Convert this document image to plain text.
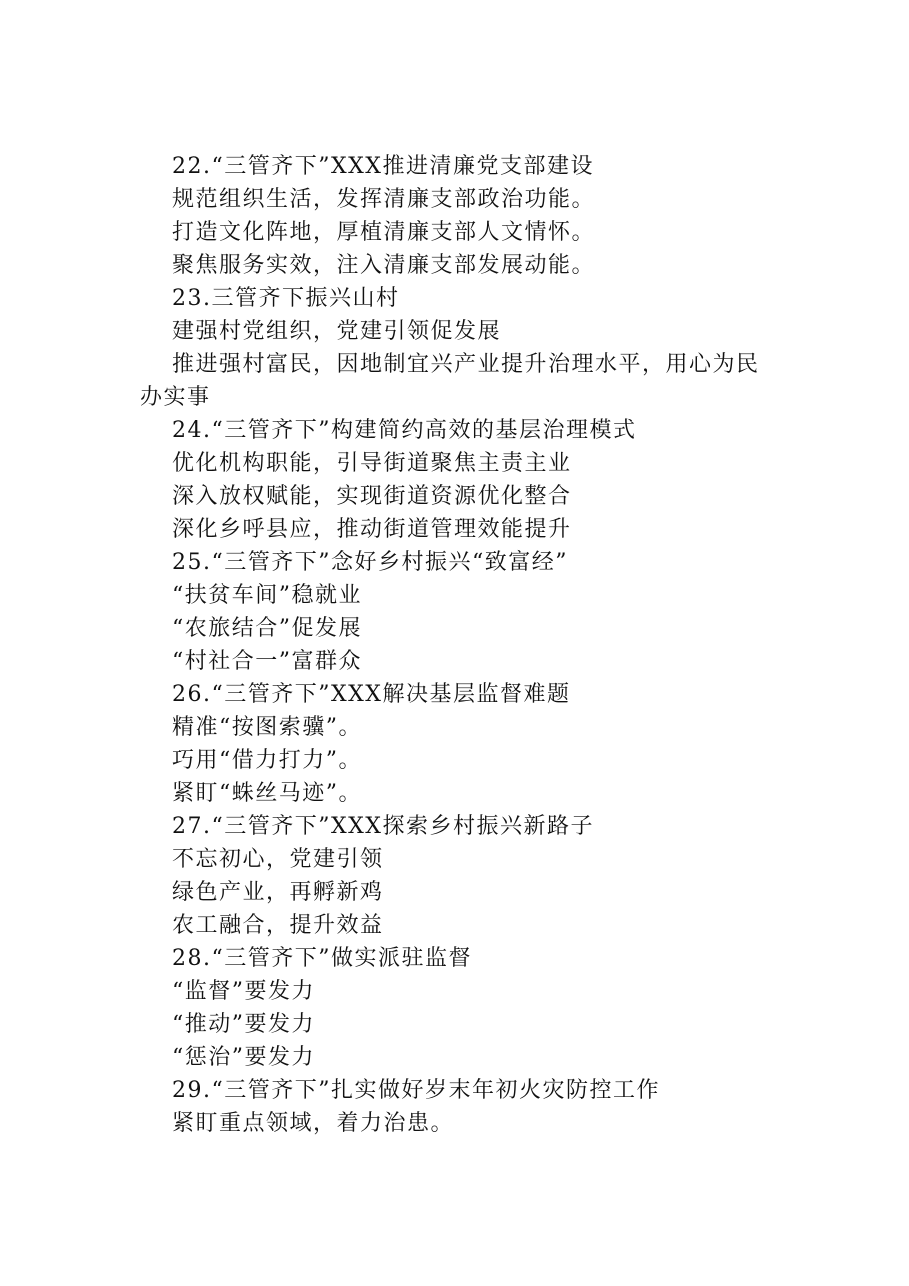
22.“三管齐下”XXX推进清廉党支部建设
规范组织生活，发挥清廉支部政治功能。
打造文化阵地，厚植清廉支部人文情怀。
聚焦服务实效，注入清廉支部发展动能。
23.三管齐下振兴山村
建强村党组织，党建引领促发展
推进强村富民，因地制宜兴产业提升治理水平，用心为民
办实事
24.“三管齐下”构建简约高效的基层治理模式
优化机构职能，引导街道聚焦主责主业
深入放权赋能，实现街道资源优化整合
深化乡呼县应，推动街道管理效能提升
25.“三管齐下”念好乡村振兴“致富经”
“扶贫车间”稳就业
“农旅结合”促发展
“村社合一”富群众
26.“三管齐下”XXX解决基层监督难题
精准“按图索骥”。
巧用“借力打力”。
紧盯“蛛丝马迹”。
27.“三管齐下”XXX探索乡村振兴新路子
不忘初心，党建引领
绿色产业，再孵新鸡
农工融合，提升效益
28.“三管齐下”做实派驻监督
“监督”要发力
“推动”要发力
“惩治”要发力
29.“三管齐下”扎实做好岁末年初火灾防控工作
紧盯重点领域，着力治患。
